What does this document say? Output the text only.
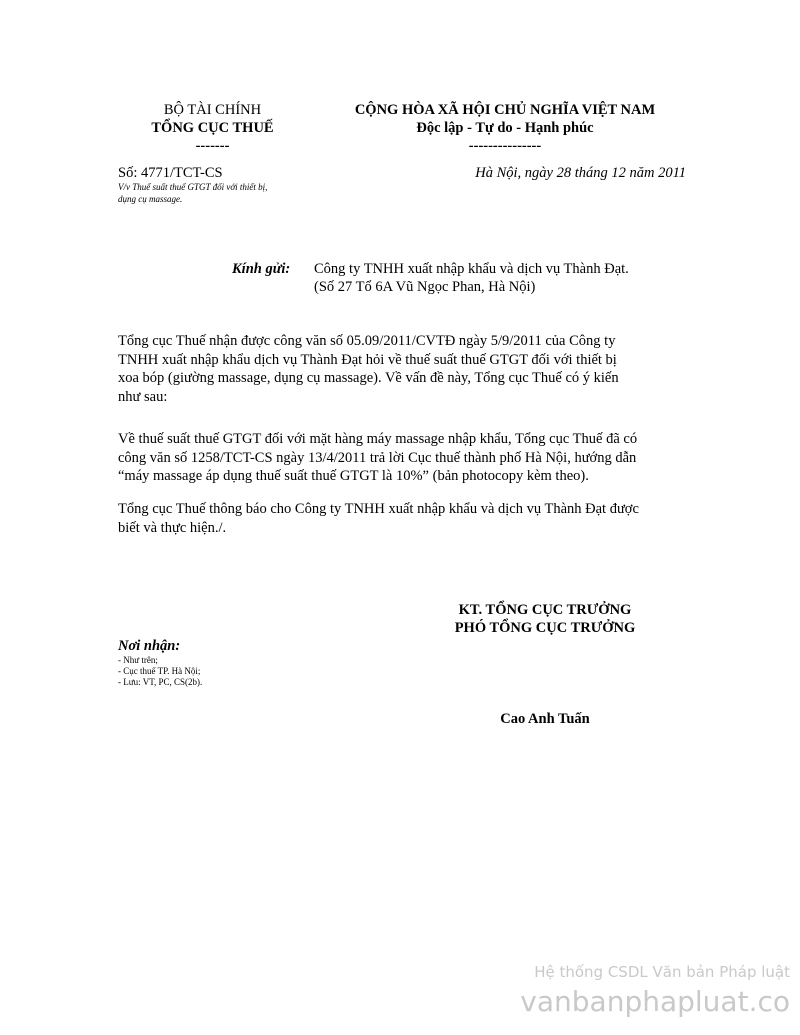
BỘ TÀI CHÍNH
TỔNG CỤC THUẾ
-------
CỘNG HÒA XÃ HỘI CHỦ NGHĨA VIỆT NAM
Độc lập - Tự do - Hạnh phúc
---------------
Số: 4771/TCT-CS
V/v Thuế suất thuế GTGT đối với thiết bị,
dụng cụ massage.
Hà Nội, ngày 28 tháng 12 năm 2011
Kính gửi: Công ty TNHH xuất nhập khẩu và dịch vụ Thành Đạt.
(Số 27 Tổ 6A Vũ Ngọc Phan, Hà Nội)
Tổng cục Thuế nhận được công văn số 05.09/2011/CVTĐ ngày 5/9/2011 của Công ty
TNHH xuất nhập khẩu dịch vụ Thành Đạt hỏi về thuế suất thuế GTGT đối với thiết bị
xoa bóp (giường massage, dụng cụ massage). Về vấn đề này, Tổng cục Thuế có ý kiến
như sau:
Về thuế suất thuế GTGT đối với mặt hàng máy massage nhập khẩu, Tổng cục Thuế đã có
công văn số 1258/TCT-CS ngày 13/4/2011 trả lời Cục thuế thành phố Hà Nội, hướng dẫn
“máy massage áp dụng thuế suất thuế GTGT là 10%” (bản photocopy kèm theo).
Tổng cục Thuế thông báo cho Công ty TNHH xuất nhập khẩu và dịch vụ Thành Đạt được
biết và thực hiện./.
KT. TỔNG CỤC TRƯỞNG
PHÓ TỔNG CỤC TRƯỞNG
Cao Anh Tuấn
Nơi nhận:
- Như trên;
- Cục thuế TP. Hà Nội;
- Lưu: VT, PC, CS(2b).
Hệ thống CSDL Văn bản Pháp luật
vanbanphapluat.co
